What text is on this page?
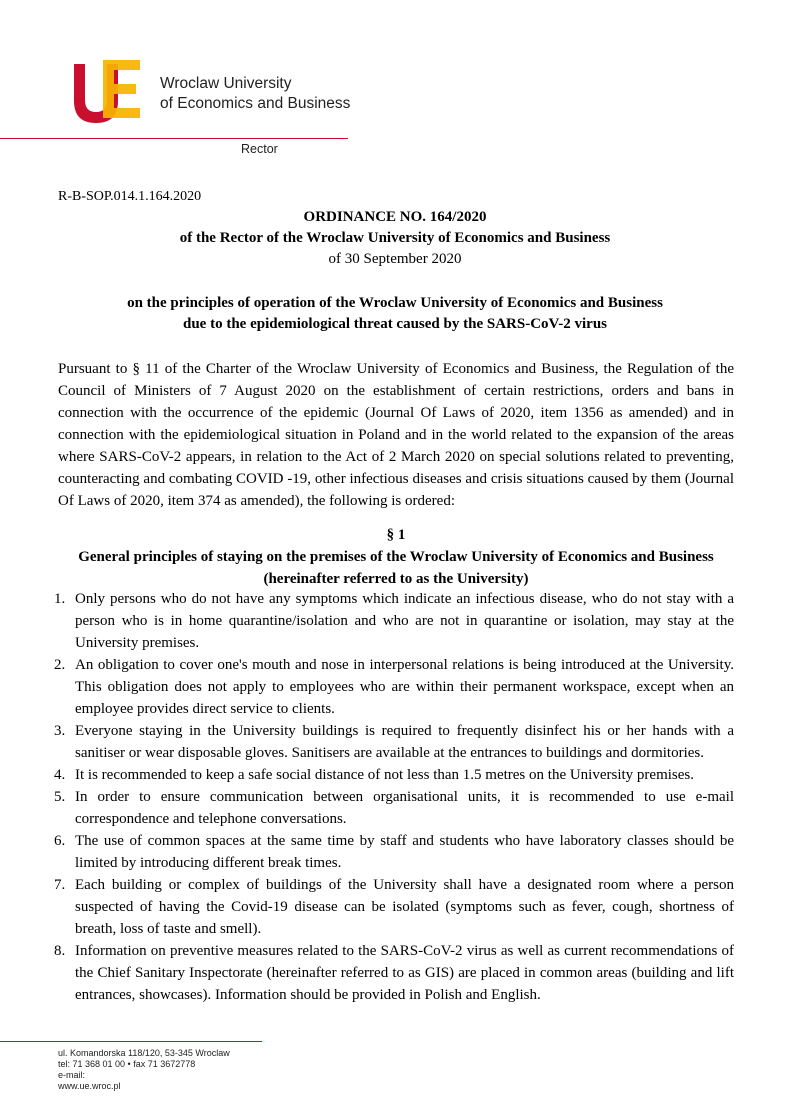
Wroclaw University
of Economics and Business
Rector
R-B-SOP.014.1.164.2020
ORDINANCE NO. 164/2020
of the Rector of the Wroclaw University of Economics and Business
of 30 September 2020
on the principles of operation of the Wroclaw University of Economics and Business
due to the epidemiological threat caused by the SARS-CoV-2 virus
Pursuant to § 11 of the Charter of the Wroclaw University of Economics and Business, the Regulation of the Council of Ministers of 7 August 2020 on the establishment of certain restrictions, orders and bans in connection with the occurrence of the epidemic (Journal Of Laws of 2020, item 1356 as amended) and in connection with the epidemiological situation in Poland and in the world related to the expansion of the areas where SARS-CoV-2 appears, in relation to the Act of 2 March 2020 on special solutions related to preventing, counteracting and combating COVID -19, other infectious diseases and crisis situations caused by them (Journal Of Laws of 2020, item 374 as amended), the following is ordered:
§ 1
General principles of staying on the premises of the Wroclaw University of Economics and Business
(hereinafter referred to as the University)
1. Only persons who do not have any symptoms which indicate an infectious disease, who do not stay with a person who is in home quarantine/isolation and who are not in quarantine or isolation, may stay at the University premises.
2. An obligation to cover one's mouth and nose in interpersonal relations is being introduced at the University. This obligation does not apply to employees who are within their permanent workspace, except when an employee provides direct service to clients.
3. Everyone staying in the University buildings is required to frequently disinfect his or her hands with a sanitiser or wear disposable gloves. Sanitisers are available at the entrances to buildings and dormitories.
4. It is recommended to keep a safe social distance of not less than 1.5 metres on the University premises.
5. In order to ensure communication between organisational units, it is recommended to use e-mail correspondence and telephone conversations.
6. The use of common spaces at the same time by staff and students who have laboratory classes should be limited by introducing different break times.
7. Each building or complex of buildings of the University shall have a designated room where a person suspected of having the Covid-19 disease can be isolated (symptoms such as fever, cough, shortness of breath, loss of taste and smell).
8. Information on preventive measures related to the SARS-CoV-2 virus as well as current recommendations of the Chief Sanitary Inspectorate (hereinafter referred to as GIS) are placed in common areas (building and lift entrances, showcases). Information should be provided in Polish and English.
ul. Komandorska 118/120, 53-345 Wroclaw
tel: 71 368 01 00 • fax 71 3672778
e-mail:
www.ue.wroc.pl
